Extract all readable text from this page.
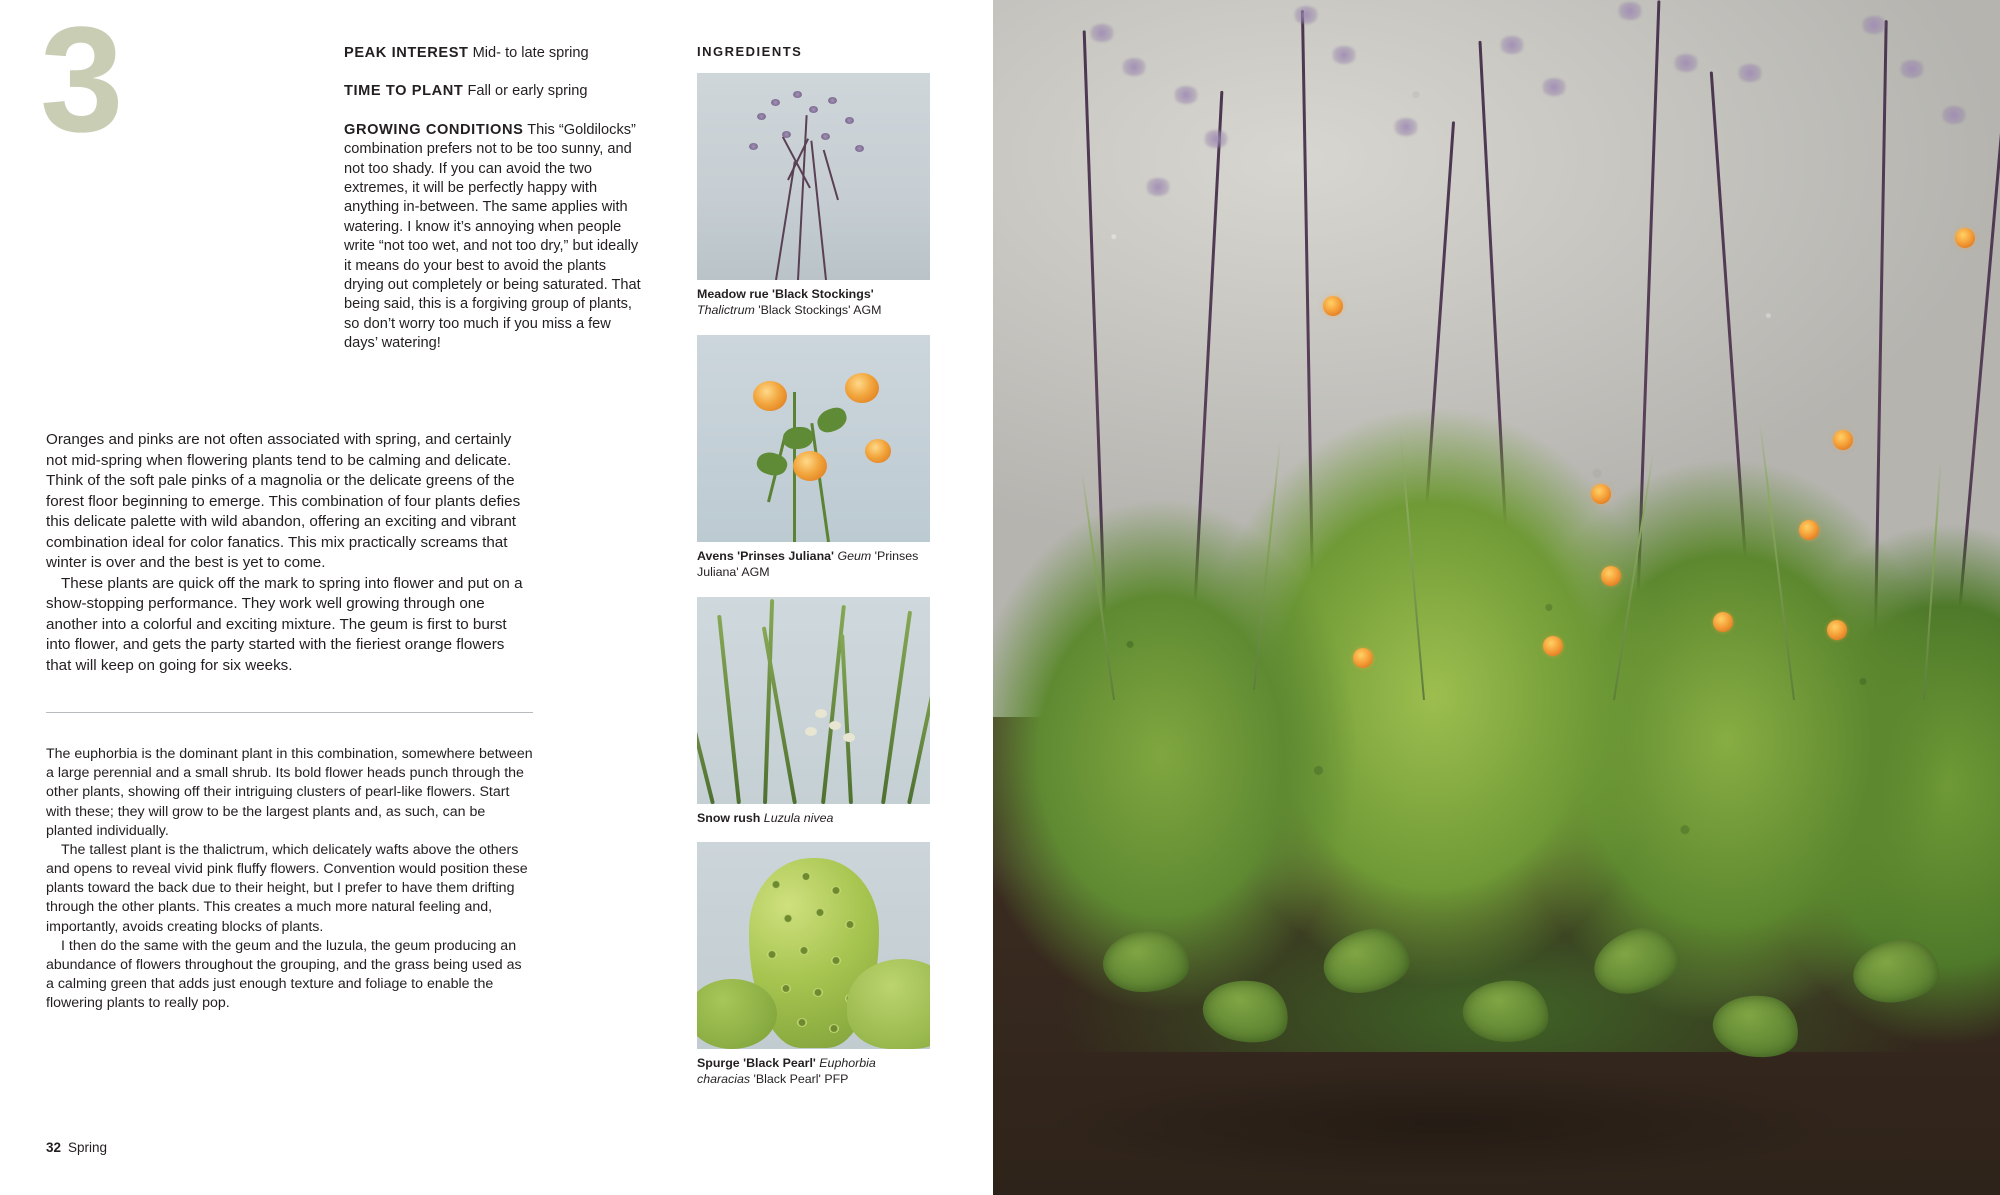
3	PEAK INTEREST Mid- to late spring

TIME TO PLANT Fall or early spring

GROWING CONDITIONS This “Goldilocks” combination prefers not to be too sunny, and not too shady. If you can avoid the two extremes, it will be perfectly happy with anything in-between. The same applies with watering. I know it’s annoying when people write “not too wet, and not too dry,” but ideally it means do your best to avoid the plants drying out completely or being saturated. That being said, this is a forgiving group of plants, so don’t worry too much if you miss a few days’ watering!

INGREDIENTS
Meadow rue 'Black Stockings' Thalictrum 'Black Stockings' AGM
Avens 'Prinses Juliana' Geum 'Prinses Juliana' AGM
Snow rush Luzula nivea
Spurge 'Black Pearl' Euphorbia characias 'Black Pearl' PFP

Oranges and pinks are not often associated with spring, and certainly not mid-spring when flowering plants tend to be calming and delicate. Think of the soft pale pinks of a magnolia or the delicate greens of the forest floor beginning to emerge. This combination of four plants defies this delicate palette with wild abandon, offering an exciting and vibrant combination ideal for color fanatics. This mix practically screams that winter is over and the best is yet to come.

These plants are quick off the mark to spring into flower and put on a show-stopping performance. They work well growing through one another into a colorful and exciting mixture. The geum is first to burst into flower, and gets the party started with the fieriest orange flowers that will keep on going for six weeks.

The euphorbia is the dominant plant in this combination, somewhere between a large perennial and a small shrub. Its bold flower heads punch through the other plants, showing off their intriguing clusters of pearl-like flowers. Start with these; they will grow to be the largest plants and, as such, can be planted individually.

The tallest plant is the thalictrum, which delicately wafts above the others and opens to reveal vivid pink fluffy flowers. Convention would position these plants toward the back due to their height, but I prefer to have them drifting through the other plants. This creates a much more natural feeling and, importantly, avoids creating blocks of plants.

I then do the same with the geum and the luzula, the geum producing an abundance of flowers throughout the grouping, and the grass being used as a calming green that adds just enough texture and foliage to enable the flowering plants to really pop.

32 Spring
